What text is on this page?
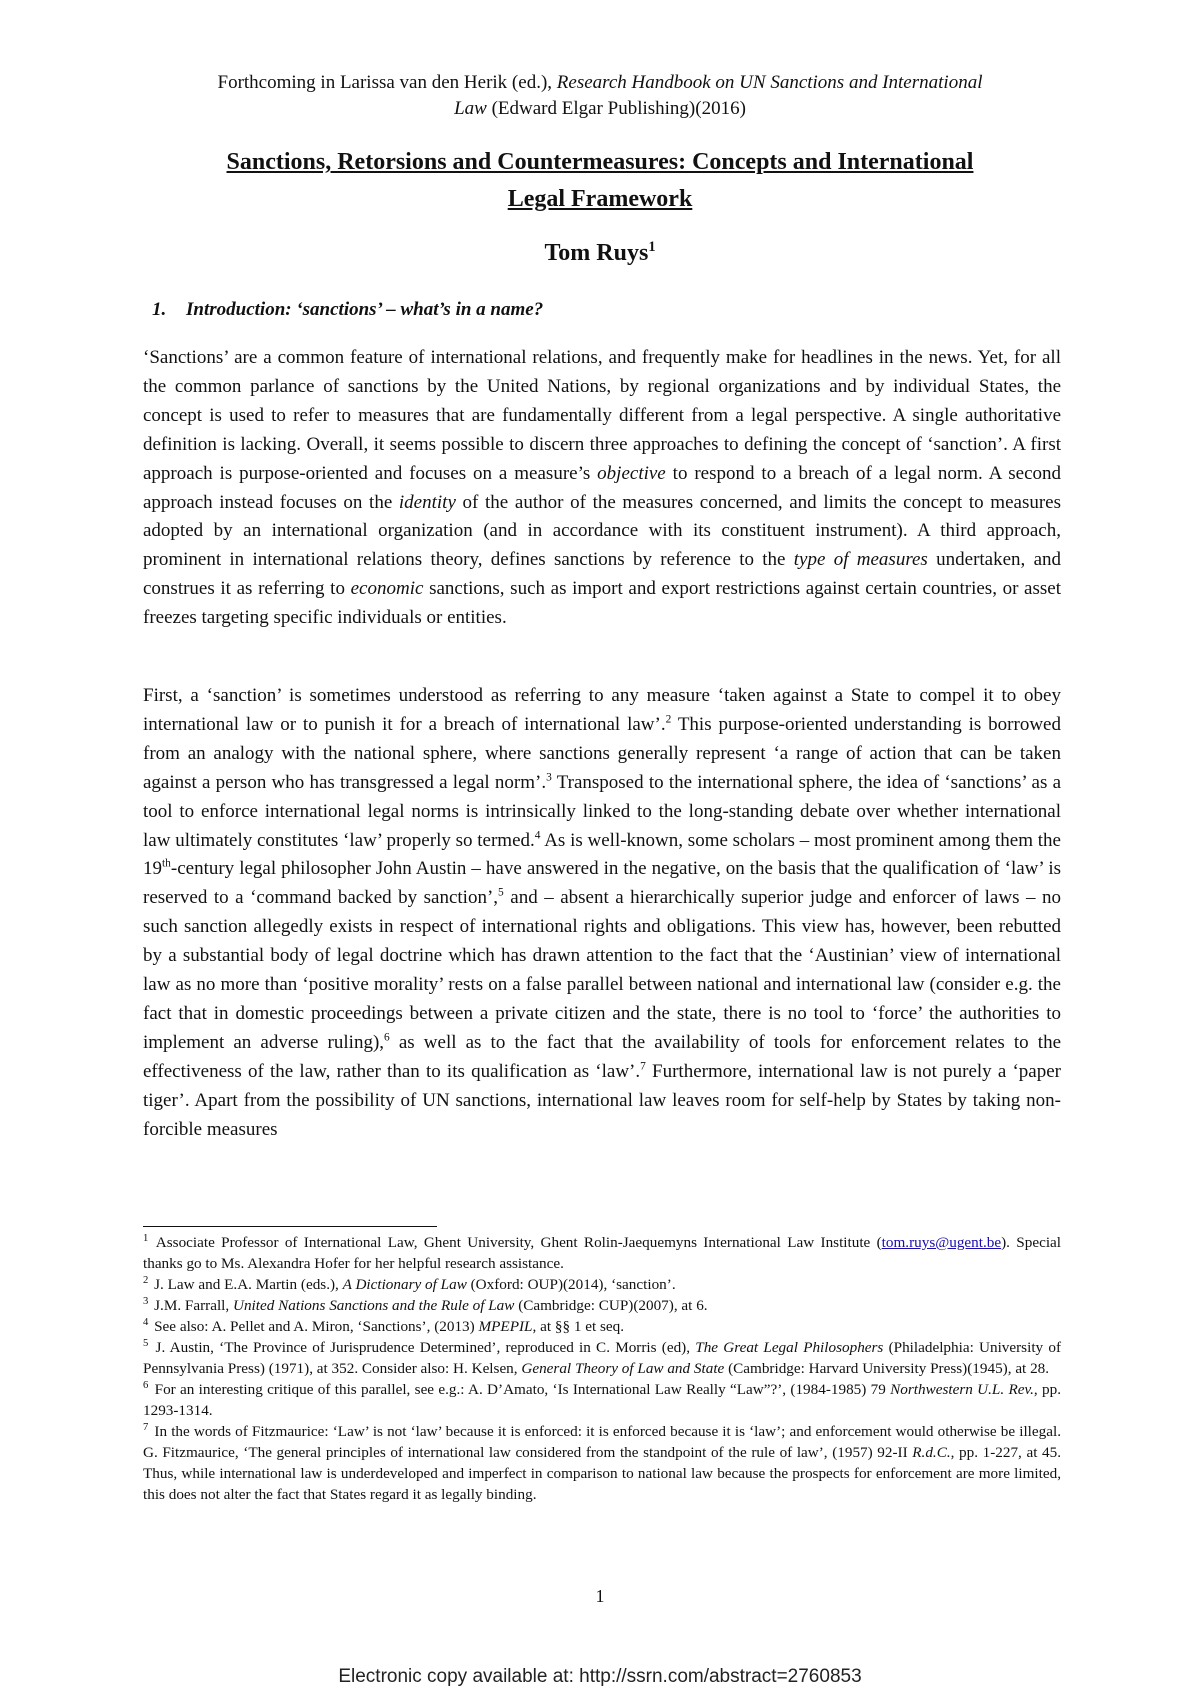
Forthcoming in Larissa van den Herik (ed.), Research Handbook on UN Sanctions and International
Law (Edward Elgar Publishing)(2016)
Sanctions, Retorsions and Countermeasures: Concepts and International
Legal Framework
Tom Ruys$^1$
1. Introduction: ‘sanctions’ – what’s in a name?
‘Sanctions’ are a common feature of international relations, and frequently make for headlines in the news. Yet, for all the common parlance of sanctions by the United Nations, by regional organizations and by individual States, the concept is used to refer to measures that are fundamentally different from a legal perspective. A single authoritative definition is lacking. Overall, it seems possible to discern three approaches to defining the concept of ‘sanction’. A first approach is purpose-oriented and focuses on a measure’s objective to respond to a breach of a legal norm. A second approach instead focuses on the identity of the author of the measures concerned, and limits the concept to measures adopted by an international organization (and in accordance with its constituent instrument). A third approach, prominent in international relations theory, defines sanctions by reference to the type of measures undertaken, and construes it as referring to economic sanctions, such as import and export restrictions against certain countries, or asset freezes targeting specific individuals or entities.
First, a ‘sanction’ is sometimes understood as referring to any measure ‘taken against a State to compel it to obey international law or to punish it for a breach of international law’.$^2$ This purpose-oriented understanding is borrowed from an analogy with the national sphere, where sanctions generally represent ‘a range of action that can be taken against a person who has transgressed a legal norm’.$^3$ Transposed to the international sphere, the idea of ‘sanctions’ as a tool to enforce international legal norms is intrinsically linked to the long-standing debate over whether international law ultimately constitutes ‘law’ properly so termed.$^4$ As is well-known, some scholars – most prominent among them the 19th-century legal philosopher John Austin – have answered in the negative, on the basis that the qualification of ‘law’ is reserved to a ‘command backed by sanction’,$^5$ and – absent a hierarchically superior judge and enforcer of laws – no such sanction allegedly exists in respect of international rights and obligations. This view has, however, been rebutted by a substantial body of legal doctrine which has drawn attention to the fact that the ‘Austinian’ view of international law as no more than ‘positive morality’ rests on a false parallel between national and international law (consider e.g. the fact that in domestic proceedings between a private citizen and the state, there is no tool to ‘force’ the authorities to implement an adverse ruling),$^6$ as well as to the fact that the availability of tools for enforcement relates to the effectiveness of the law, rather than to its qualification as ‘law’.$^7$ Furthermore, international law is not purely a ‘paper tiger’. Apart from the possibility of UN sanctions, international law leaves room for self-help by States by taking non-forcible measures

$^1$ Associate Professor of International Law, Ghent University, Ghent Rolin-Jaequemyns International Law Institute (tom.ruys@ugent.be). Special thanks go to Ms. Alexandra Hofer for her helpful research assistance.

$^2$ J. Law and E.A. Martin (eds.), A Dictionary of Law (Oxford: OUP)(2014), ‘sanction’.

$^3$ J.M. Farrall, United Nations Sanctions and the Rule of Law (Cambridge: CUP)(2007), at 6.

$^4$ See also: A. Pellet and A. Miron, ‘Sanctions’, (2013) MPEPIL, at §§ 1 et seq.

$^5$ J. Austin, ‘The Province of Jurisprudence Determined’, reproduced in C. Morris (ed), The Great Legal Philosophers (Philadelphia: University of Pennsylvania Press) (1971), at 352. Consider also: H. Kelsen, General Theory of Law and State (Cambridge: Harvard University Press)(1945), at 28.

$^6$ For an interesting critique of this parallel, see e.g.: A. D’Amato, ‘Is International Law Really “Law”?’, (1984-1985) 79 Northwestern U.L. Rev., pp. 1293-1314.

$^7$ In the words of Fitzmaurice: ‘Law’ is not ‘law’ because it is enforced: it is enforced because it is ‘law’; and enforcement would otherwise be illegal. G. Fitzmaurice, ‘The general principles of international law considered from the standpoint of the rule of law’, (1957) 92-II R.d.C., pp. 1-227, at 45. Thus, while international law is underdeveloped and imperfect in comparison to national law because the prospects for enforcement are more limited, this does not alter the fact that States regard it as legally binding.

1
Electronic copy available at: http://ssrn.com/abstract=2760853
